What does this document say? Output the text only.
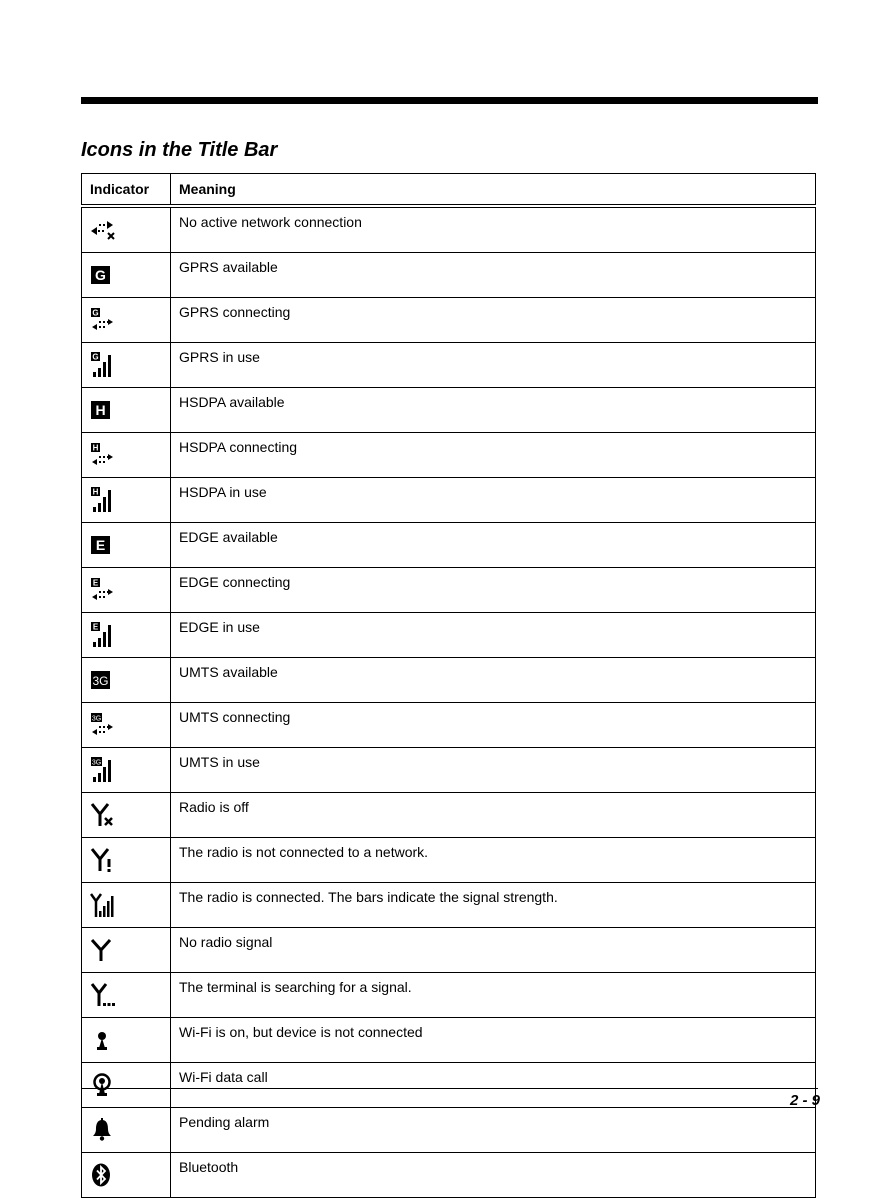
Icons in the Title Bar
Indicator	Meaning

	No active network connection

G	GPRS available

G	GPRS connecting

G	GPRS in use

H	HSDPA available

H	HSDPA connecting

H	HSDPA in use

E	EDGE available

E	EDGE connecting

E	EDGE in use

3G	UMTS available

3G	UMTS connecting

3G	UMTS in use

	Radio is off

	The radio is not connected to a network.

	The radio is connected. The bars indicate the signal strength.

	No radio signal

	The terminal is searching for a signal.

	Wi-Fi is on, but device is not connected

	Wi-Fi data call

	Pending alarm

	Bluetooth
2 - 9
